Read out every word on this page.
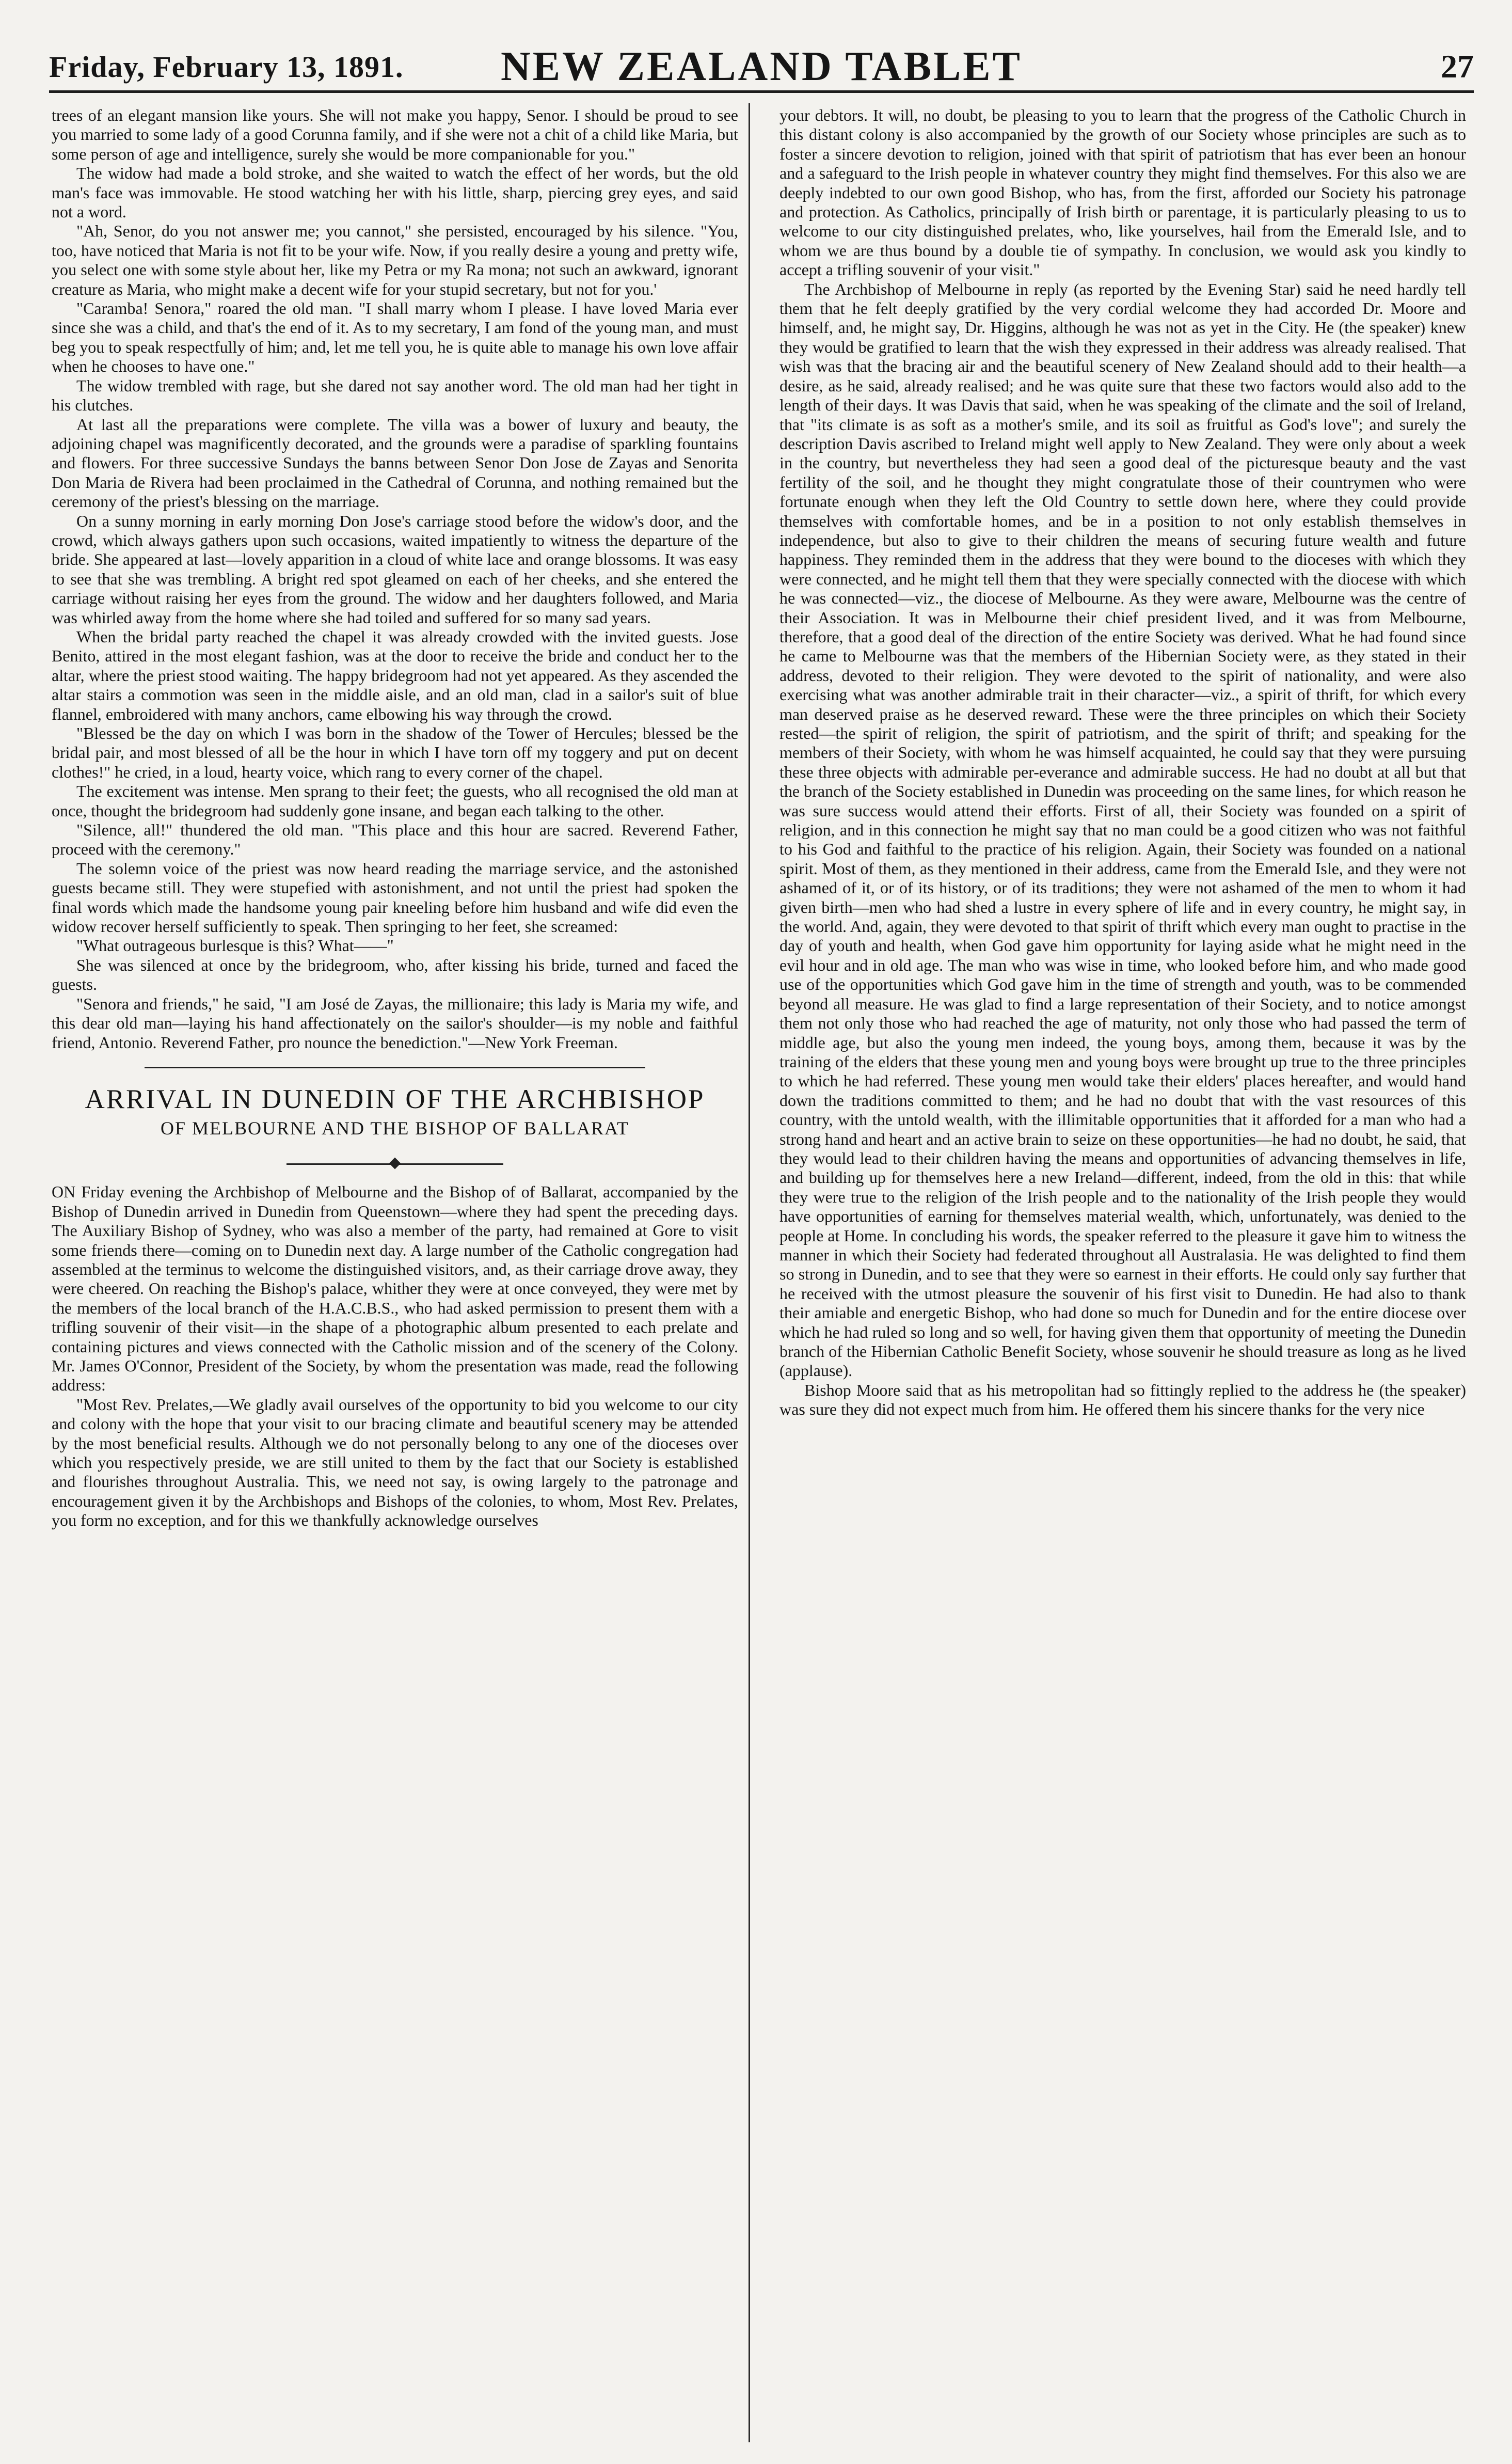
Friday, February 13, 1891.	NEW ZEALAND TABLET	27

trees of an elegant mansion like yours. She will not make you happy, Senor. I should be proud to see you married to some lady of a good Corunna family, and if she were not a chit of a child like Maria, but some person of age and intelligence, surely she would be more companionable for you."

The widow had made a bold stroke, and she waited to watch the effect of her words, but the old man's face was immovable. He stood watching her with his little, sharp, piercing grey eyes, and said not a word.

"Ah, Senor, do you not answer me; you cannot," she persisted, encouraged by his silence. "You, too, have noticed that Maria is not fit to be your wife. Now, if you really desire a young and pretty wife, you select one with some style about her, like my Petra or my Ra mona; not such an awkward, ignorant creature as Maria, who might make a decent wife for your stupid secretary, but not for you.'

"Caramba! Senora," roared the old man. "I shall marry whom I please. I have loved Maria ever since she was a child, and that's the end of it. As to my secretary, I am fond of the young man, and must beg you to speak respectfully of him; and, let me tell you, he is quite able to manage his own love affair when he chooses to have one."

The widow trembled with rage, but she dared not say another word. The old man had her tight in his clutches.

At last all the preparations were complete. The villa was a bower of luxury and beauty, the adjoining chapel was magnificently decorated, and the grounds were a paradise of sparkling fountains and flowers. For three successive Sundays the banns between Senor Don Jose de Zayas and Senorita Don Maria de Rivera had been proclaimed in the Cathedral of Corunna, and nothing remained but the ceremony of the priest's blessing on the marriage.

On a sunny morning in early morning Don Jose's carriage stood before the widow's door, and the crowd, which always gathers upon such occasions, waited impatiently to witness the departure of the bride. She appeared at last—lovely apparition in a cloud of white lace and orange blossoms. It was easy to see that she was trembling. A bright red spot gleamed on each of her cheeks, and she entered the carriage without raising her eyes from the ground. The widow and her daughters followed, and Maria was whirled away from the home where she had toiled and suffered for so many sad years.

When the bridal party reached the chapel it was already crowded with the invited guests. Jose Benito, attired in the most elegant fashion, was at the door to receive the bride and conduct her to the altar, where the priest stood waiting. The happy bridegroom had not yet appeared. As they ascended the altar stairs a commotion was seen in the middle aisle, and an old man, clad in a sailor's suit of blue flannel, embroidered with many anchors, came elbowing his way through the crowd.

"Blessed be the day on which I was born in the shadow of the Tower of Hercules; blessed be the bridal pair, and most blessed of all be the hour in which I have torn off my toggery and put on decent clothes!" he cried, in a loud, hearty voice, which rang to every corner of the chapel.

The excitement was intense. Men sprang to their feet; the guests, who all recognised the old man at once, thought the bridegroom had suddenly gone insane, and began each talking to the other.

"Silence, all!" thundered the old man. "This place and this hour are sacred. Reverend Father, proceed with the ceremony."

The solemn voice of the priest was now heard reading the marriage service, and the astonished guests became still. They were stupefied with astonishment, and not until the priest had spoken the final words which made the handsome young pair kneeling before him husband and wife did even the widow recover herself sufficiently to speak. Then springing to her feet, she screamed:

"What outrageous burlesque is this? What——"

She was silenced at once by the bridegroom, who, after kissing his bride, turned and faced the guests.

"Senora and friends," he said, "I am José de Zayas, the millionaire; this lady is Maria my wife, and this dear old man—laying his hand affectionately on the sailor's shoulder—is my noble and faithful friend, Antonio. Reverend Father, pro nounce the benediction."—New York Freeman.

ARRIVAL IN DUNEDIN OF THE ARCHBISHOP
OF MELBOURNE AND THE BISHOP OF BALLARAT

ON Friday evening the Archbishop of Melbourne and the Bishop of of Ballarat, accompanied by the Bishop of Dunedin arrived in Dunedin from Queenstown—where they had spent the preceding days. The Auxiliary Bishop of Sydney, who was also a member of the party, had remained at Gore to visit some friends there—coming on to Dunedin next day. A large number of the Catholic congregation had assembled at the terminus to welcome the distinguished visitors, and, as their carriage drove away, they were cheered. On reaching the Bishop's palace, whither they were at once conveyed, they were met by the members of the local branch of the H.A.C.B.S., who had asked permission to present them with a trifling souvenir of their visit—in the shape of a photographic album presented to each prelate and containing pictures and views connected with the Catholic mission and of the scenery of the Colony. Mr. James O'Connor, President of the Society, by whom the presentation was made, read the following address:

"Most Rev. Prelates,—We gladly avail ourselves of the opportunity to bid you welcome to our city and colony with the hope that your visit to our bracing climate and beautiful scenery may be attended by the most beneficial results. Although we do not personally belong to any one of the dioceses over which you respectively preside, we are still united to them by the fact that our Society is established and flourishes throughout Australia. This, we need not say, is owing largely to the patronage and encouragement given it by the Archbishops and Bishops of the colonies, to whom, Most Rev. Prelates, you form no exception, and for this we thankfully acknowledge ourselves

your debtors. It will, no doubt, be pleasing to you to learn that the progress of the Catholic Church in this distant colony is also accompanied by the growth of our Society whose principles are such as to foster a sincere devotion to religion, joined with that spirit of patriotism that has ever been an honour and a safeguard to the Irish people in whatever country they might find themselves. For this also we are deeply indebted to our own good Bishop, who has, from the first, afforded our Society his patronage and protection. As Catholics, principally of Irish birth or parentage, it is particularly pleasing to us to welcome to our city distinguished prelates, who, like yourselves, hail from the Emerald Isle, and to whom we are thus bound by a double tie of sympathy. In conclusion, we would ask you kindly to accept a trifling souvenir of your visit."

The Archbishop of Melbourne in reply (as reported by the Evening Star) said he need hardly tell them that he felt deeply gratified by the very cordial welcome they had accorded Dr. Moore and himself, and, he might say, Dr. Higgins, although he was not as yet in the City. He (the speaker) knew they would be gratified to learn that the wish they expressed in their address was already realised. That wish was that the bracing air and the beautiful scenery of New Zealand should add to their health—a desire, as he said, already realised; and he was quite sure that these two factors would also add to the length of their days. It was Davis that said, when he was speaking of the climate and the soil of Ireland, that "its climate is as soft as a mother's smile, and its soil as fruitful as God's love"; and surely the description Davis ascribed to Ireland might well apply to New Zealand. They were only about a week in the country, but nevertheless they had seen a good deal of the picturesque beauty and the vast fertility of the soil, and he thought they might congratulate those of their countrymen who were fortunate enough when they left the Old Country to settle down here, where they could provide themselves with comfortable homes, and be in a position to not only establish themselves in independence, but also to give to their children the means of securing future wealth and future happiness. They reminded them in the address that they were bound to the dioceses with which they were connected, and he might tell them that they were specially connected with the diocese with which he was connected—viz., the diocese of Melbourne. As they were aware, Melbourne was the centre of their Association. It was in Melbourne their chief president lived, and it was from Melbourne, therefore, that a good deal of the direction of the entire Society was derived. What he had found since he came to Melbourne was that the members of the Hibernian Society were, as they stated in their address, devoted to their religion. They were devoted to the spirit of nationality, and were also exercising what was another admirable trait in their character—viz., a spirit of thrift, for which every man deserved praise as he deserved reward. These were the three principles on which their Society rested—the spirit of religion, the spirit of patriotism, and the spirit of thrift; and speaking for the members of their Society, with whom he was himself acquainted, he could say that they were pursuing these three objects with admirable per-everance and admirable success. He had no doubt at all but that the branch of the Society established in Dunedin was proceeding on the same lines, for which reason he was sure success would attend their efforts. First of all, their Society was founded on a spirit of religion, and in this connection he might say that no man could be a good citizen who was not faithful to his God and faithful to the practice of his religion. Again, their Society was founded on a national spirit. Most of them, as they mentioned in their address, came from the Emerald Isle, and they were not ashamed of it, or of its history, or of its traditions; they were not ashamed of the men to whom it had given birth—men who had shed a lustre in every sphere of life and in every country, he might say, in the world. And, again, they were devoted to that spirit of thrift which every man ought to practise in the day of youth and health, when God gave him opportunity for laying aside what he might need in the evil hour and in old age. The man who was wise in time, who looked before him, and who made good use of the opportunities which God gave him in the time of strength and youth, was to be commended beyond all measure. He was glad to find a large representation of their Society, and to notice amongst them not only those who had reached the age of maturity, not only those who had passed the term of middle age, but also the young men indeed, the young boys, among them, because it was by the training of the elders that these young men and young boys were brought up true to the three principles to which he had referred. These young men would take their elders' places hereafter, and would hand down the traditions committed to them; and he had no doubt that with the vast resources of this country, with the untold wealth, with the illimitable opportunities that it afforded for a man who had a strong hand and heart and an active brain to seize on these opportunities—he had no doubt, he said, that they would lead to their children having the means and opportunities of advancing themselves in life, and building up for themselves here a new Ireland—different, indeed, from the old in this: that while they were true to the religion of the Irish people and to the nationality of the Irish people they would have opportunities of earning for themselves material wealth, which, unfortunately, was denied to the people at Home. In concluding his words, the speaker referred to the pleasure it gave him to witness the manner in which their Society had federated throughout all Australasia. He was delighted to find them so strong in Dunedin, and to see that they were so earnest in their efforts. He could only say further that he received with the utmost pleasure the souvenir of his first visit to Dunedin. He had also to thank their amiable and energetic Bishop, who had done so much for Dunedin and for the entire diocese over which he had ruled so long and so well, for having given them that opportunity of meeting the Dunedin branch of the Hibernian Catholic Benefit Society, whose souvenir he should treasure as long as he lived (applause).

Bishop Moore said that as his metropolitan had so fittingly replied to the address he (the speaker) was sure they did not expect much from him. He offered them his sincere thanks for the very nice
